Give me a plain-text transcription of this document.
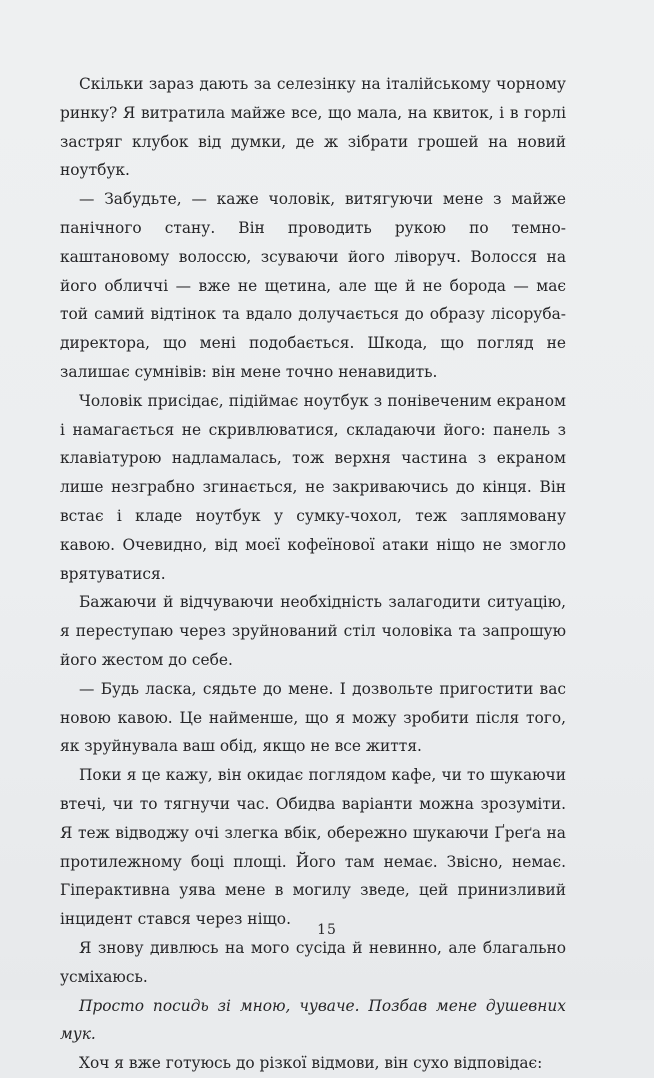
Скільки зараз дають за селезінку на італійському чорному ринку? Я витратила майже все, що мала, на квиток, і в горлі застряг клубок від думки, де ж зібрати грошей на новий ноутбук.

— Забудьте, — каже чоловік, витягуючи мене з майже панічного стану. Він проводить рукою по темно-каштановому волоссю, зсуваючи його ліворуч. Волосся на його обличчі — вже не щетина, але ще й не борода — має той самий відтінок та вдало долучається до образу лісоруба-директора, що мені подобається. Шкода, що погляд не залишає сумнівів: він мене точно ненавидить.

Чоловік присідає, підіймає ноутбук з понівеченим екраном і намагається не скривлюватися, складаючи його: панель з клавіатурою надламалась, тож верхня частина з екраном лише незграбно згинається, не закриваючись до кінця. Він встає і кладе ноутбук у сумку-чохол, теж заплямовану кавою. Очевидно, від моєї кофеїнової атаки ніщо не змогло врятуватися.

Бажаючи й відчуваючи необхідність залагодити ситуацію, я переступаю через зруйнований стіл чоловіка та запрошую його жестом до себе.

— Будь ласка, сядьте до мене. І дозвольте пригостити вас новою кавою. Це найменше, що я можу зробити після того, як зруйнувала ваш обід, якщо не все життя.

Поки я це кажу, він окидає поглядом кафе, чи то шукаючи втечі, чи то тягнучи час. Обидва варіанти можна зрозуміти. Я теж відводжу очі злегка вбік, обережно шукаючи Ґреґа на протилежному боці площі. Його там немає. Звісно, немає. Гіперактивна уява мене в могилу зведе, цей принизливий інцидент стався через ніщо.

Я знову дивлюсь на мого сусіда й невинно, але благально усміхаюсь.

Просто посидь зі мною, чуваче. Позбав мене душевних мук.

Хоч я вже готуюсь до різкої відмови, він сухо відповідає:

15
